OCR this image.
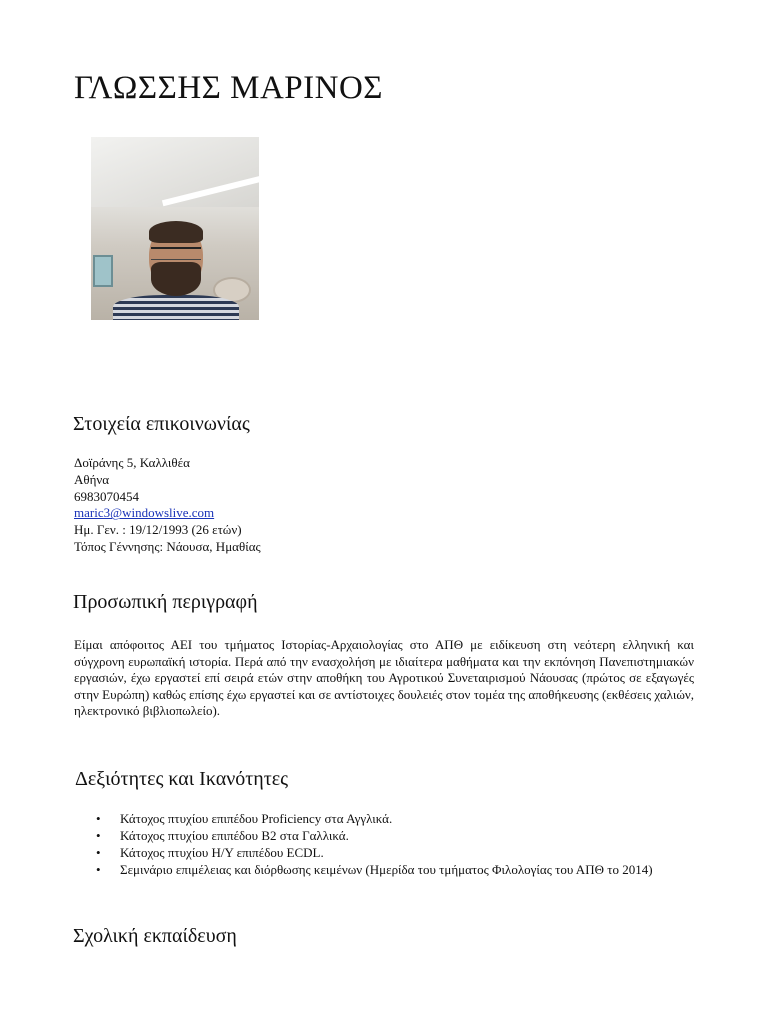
ΓΛΩΣΣΗΣ ΜΑΡΙΝΟΣ
Στοιχεία επικοινωνίας
Δοϊράνης 5, Καλλιθέα
Αθήνα
6983070454
maric3@windowslive.com
Ημ. Γεν. : 19/12/1993 (26 ετών)
Τόπος Γέννησης: Νάουσα, Ημαθίας
Προσωπική περιγραφή

Είμαι απόφοιτος ΑΕΙ του τμήματος Ιστορίας-Αρχαιολογίας στο ΑΠΘ με ειδίκευση στη νεότερη ελληνική και σύγχρονη ευρωπαϊκή ιστορία. Περά από την ενασχολήση με ιδιαίτερα μαθήματα και την εκπόνηση Πανεπιστημιακών εργασιών, έχω εργαστεί επί σειρά ετών στην αποθήκη του Αγροτικού Συνεταιρισμού Νάουσας (πρώτος σε εξαγωγές στην Ευρώπη) καθώς επίσης έχω εργαστεί και σε αντίστοιχες δουλειές στον τομέα της αποθήκευσης (εκθέσεις χαλιών, ηλεκτρονικό βιβλιοπωλείο).

Δεξιότητες και Ικανότητες
• Κάτοχος πτυχίου επιπέδου Proficiency στα Αγγλικά.
• Κάτοχος πτυχίου επιπέδου Β2 στα Γαλλικά.
• Κάτοχος πτυχίου Η/Υ επιπέδου ECDL.
• Σεμινάριο επιμέλειας και διόρθωσης κειμένων (Ημερίδα του τμήματος Φιλολογίας του ΑΠΘ το 2014)
Σχολική εκπαίδευση
